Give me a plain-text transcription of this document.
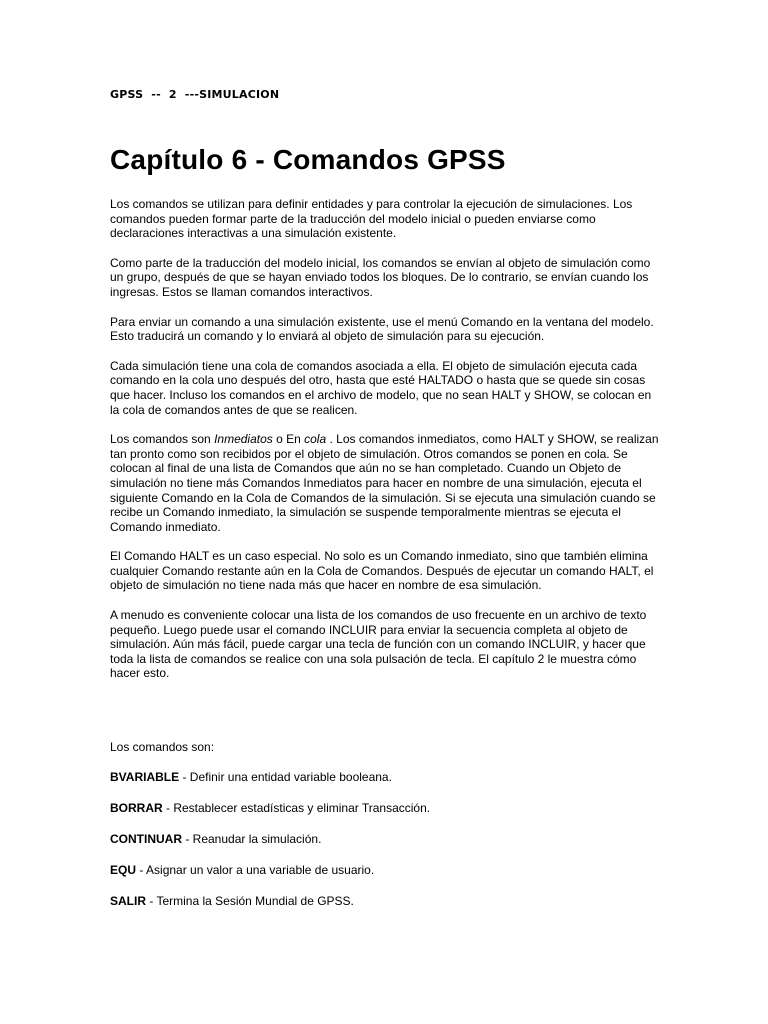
GPSS  --  2  ---SIMULACION
Capítulo 6 - Comandos GPSS

Los comandos se utilizan para definir entidades y para controlar la ejecución de simulaciones. Los comandos pueden formar parte de la traducción del modelo inicial o pueden enviarse como declaraciones interactivas a una simulación existente.

Como parte de la traducción del modelo inicial, los comandos se envían al objeto de simulación como un grupo, después de que se hayan enviado todos los bloques. De lo contrario, se envían cuando los ingresas. Estos se llaman comandos interactivos.

Para enviar un comando a una simulación existente, use el menú Comando en la ventana del modelo. Esto traducirá un comando y lo enviará al objeto de simulación para su ejecución.

Cada simulación tiene una cola de comandos asociada a ella. El objeto de simulación ejecuta cada comando en la cola uno después del otro, hasta que esté HALTADO o hasta que se quede sin cosas que hacer. Incluso los comandos en el archivo de modelo, que no sean HALT y SHOW, se colocan en la cola de comandos antes de que se realicen.

Los comandos son Inmediatos o En cola . Los comandos inmediatos, como HALT y SHOW, se realizan tan pronto como son recibidos por el objeto de simulación. Otros comandos se ponen en cola. Se colocan al final de una lista de Comandos que aún no se han completado. Cuando un Objeto de simulación no tiene más Comandos Inmediatos para hacer en nombre de una simulación, ejecuta el siguiente Comando en la Cola de Comandos de la simulación. Si se ejecuta una simulación cuando se recibe un Comando inmediato, la simulación se suspende temporalmente mientras se ejecuta el Comando inmediato.

El Comando HALT es un caso especial. No solo es un Comando inmediato, sino que también elimina cualquier Comando restante aún en la Cola de Comandos. Después de ejecutar un comando HALT, el objeto de simulación no tiene nada más que hacer en nombre de esa simulación.

A menudo es conveniente colocar una lista de los comandos de uso frecuente en un archivo de texto pequeño. Luego puede usar el comando INCLUIR para enviar la secuencia completa al objeto de simulación. Aún más fácil, puede cargar una tecla de función con un comando INCLUIR, y hacer que toda la lista de comandos se realice con una sola pulsación de tecla. El capítulo 2 le muestra cómo hacer esto.

Los comandos son:

BVARIABLE - Definir una entidad variable booleana.
BORRAR - Restablecer estadísticas y eliminar Transacción.
CONTINUAR - Reanudar la simulación.
EQU - Asignar un valor a una variable de usuario.
SALIR - Termina la Sesión Mundial de GPSS.
